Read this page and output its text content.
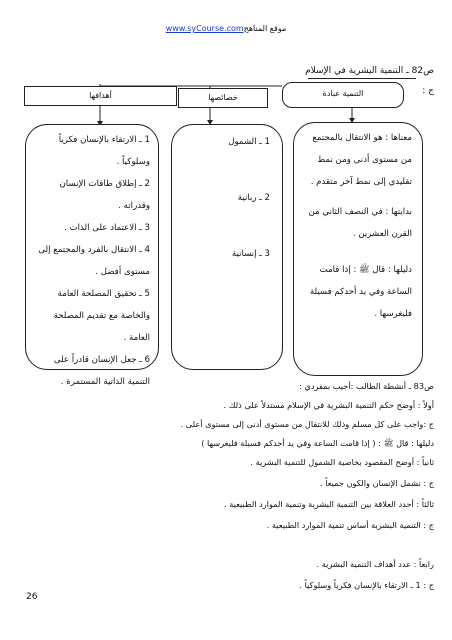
www.syCourse.comموقع المناهج
ص82 ـ التنمية البشرية في الإسلام
ج :
أهدافها	خصائصها	التنمية عبادة
1 ـ الارتقاء بالإنسان فكرياً وسلوكياً .
2 ـ إطلاق طاقات الإنسان وقدراته .
3 ـ الاعتماد على الذات .
4 ـ الانتقال بالفرد والمجتمع إلى مستوى أفضل .
5 ـ تحقيق المصلحة العامة والخاصة مع تقديم المصلحة العامة .
6 ـ جعل الإنسان قادراً على التنمية الذاتية المستمرة .
1 ـ الشمول
2 ـ ربانية
3 ـ إنسانية
معناها : هو الانتقال بالمجتمع من مستوى أدنى ومن نمط تقليدي إلى نمط آخر متقدم .
بدايتها : في النصف الثاني من القرن العشرين .
دليلها : قال ﷺ : إذا قامت الساعة وفي يد أحدكم فسيلة فليغرسها .
ص83 ـ أنشطة الطالب :أجيب بمفردي :
أولاً : أوضح حكم التنمية البشرية في الإسلام مستدلاً على ذلك .
ج :واجب على كل مسلم وذلك للانتقال من مستوى أدنى إلى مستوى أعلى .
دليلها : قال ﷺ : ( إذا قامت الساعة وفي يد أحدكم فسيلة فليغرسها )
ثانياً : أوضح المقصود بخاصية الشمول للتنمية البشرية .
ج : تشمل الإنسان والكون جميعاً .
ثالثاً : أحدد العلاقة بين التنمية البشرية وتنمية الموارد الطبيعية .
ج : التنمية البشرية أساس تنمية الموارد الطبيعية .
رابعاً : عدد أهداف التنمية البشرية .
ج : 1 ـ الارتقاء بالإنسان فكرياً وسلوكياً .
26
